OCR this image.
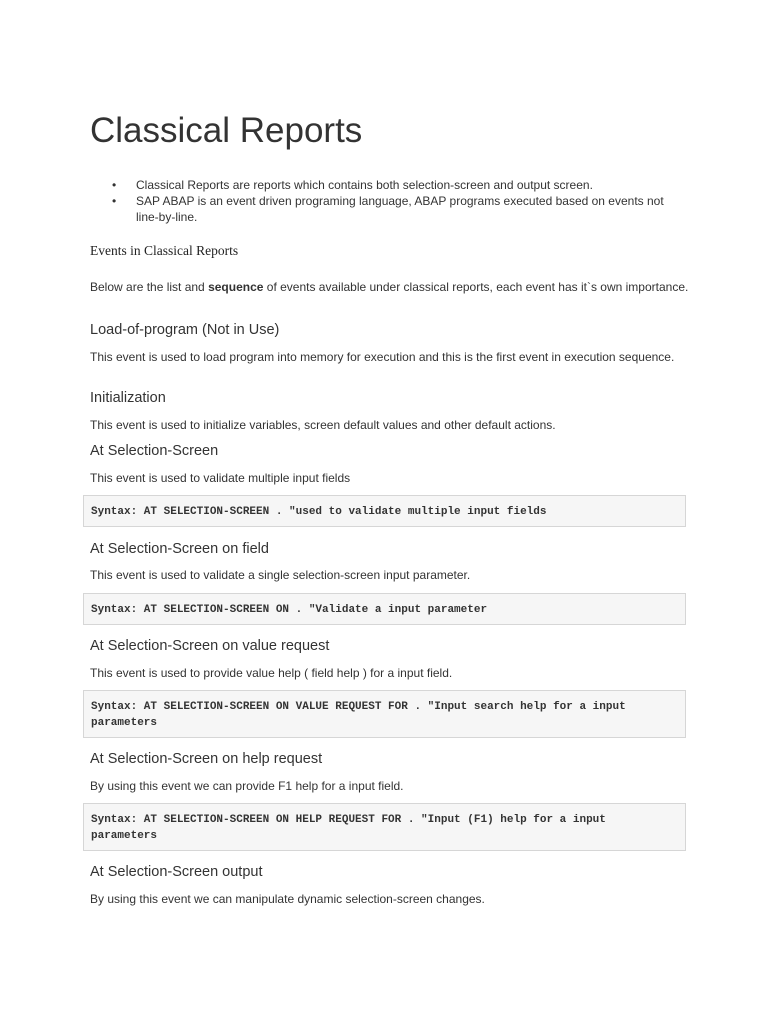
Classical Reports
• Classical Reports are reports which contains both selection-screen and output screen.
• SAP ABAP is an event driven programing language, ABAP programs executed based on events not line-by-line.
Events in Classical Reports

Below are the list and sequence of events available under classical reports, each event has it`s own importance.

Load-of-program (Not in Use)

This event is used to load program into memory for execution and this is the first event in execution sequence.

Initialization

This event is used to initialize variables, screen default values and other default actions.

At Selection-Screen

This event is used to validate multiple input fields

Syntax: AT SELECTION-SCREEN . "used to validate multiple input fields
At Selection-Screen on field

This event is used to validate a single selection-screen input parameter.

Syntax: AT SELECTION-SCREEN ON . "Validate a input parameter
At Selection-Screen on value request

This event is used to provide value help ( field help ) for a input field.

Syntax: AT SELECTION-SCREEN ON VALUE REQUEST FOR . "Input search help for a input parameters
At Selection-Screen on help request

By using this event we can provide F1 help for a input field.

Syntax: AT SELECTION-SCREEN ON HELP REQUEST FOR . "Input (F1) help for a input parameters
At Selection-Screen output

By using this event we can manipulate dynamic selection-screen changes.
